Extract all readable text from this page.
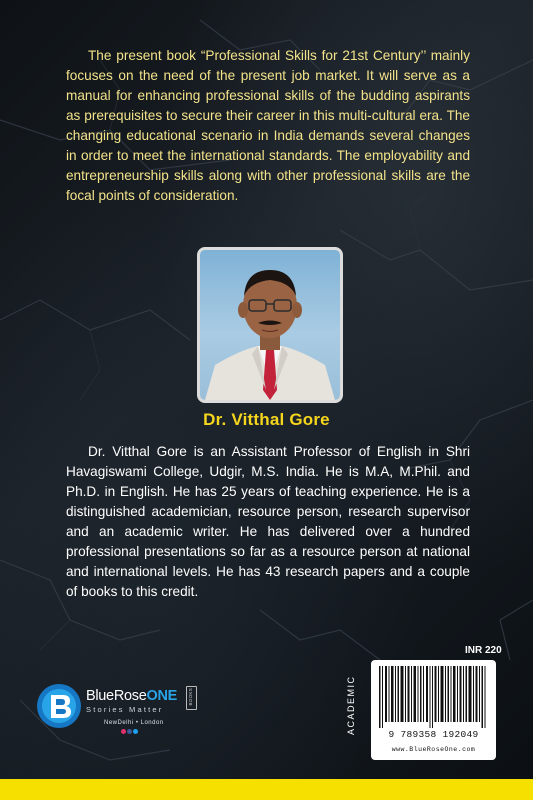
The present book “Professional Skills for 21st Century’’ mainly focuses on the need of the present job market. It will serve as a manual for enhancing professional skills of the budding aspirants as prerequisites to secure their career in this multi-cultural era. The changing educational scenario in India demands several changes in order to meet the international standards. The employability and entrepreneurship skills along with other professional skills are the focal points of consideration.

Dr. Vitthal Gore

Dr. Vitthal Gore is an Assistant Professor of English in Shri Havagiswami College, Udgir, M.S. India. He is M.A, M.Phil. and Ph.D. in English. He has 25 years of teaching experience. He is a distinguished academician, resource person, research supervisor and an academic writer. He has delivered over a hundred professional presentations so far as a resource person at national and international levels. He has 43 research papers and a couple of books to this credit.

INR 220
ACADEMIC	9 789358 192049
www.BlueRoseOne.com
BlueRoseONE BOOKS
Stories Matter
NewDelhi • London
